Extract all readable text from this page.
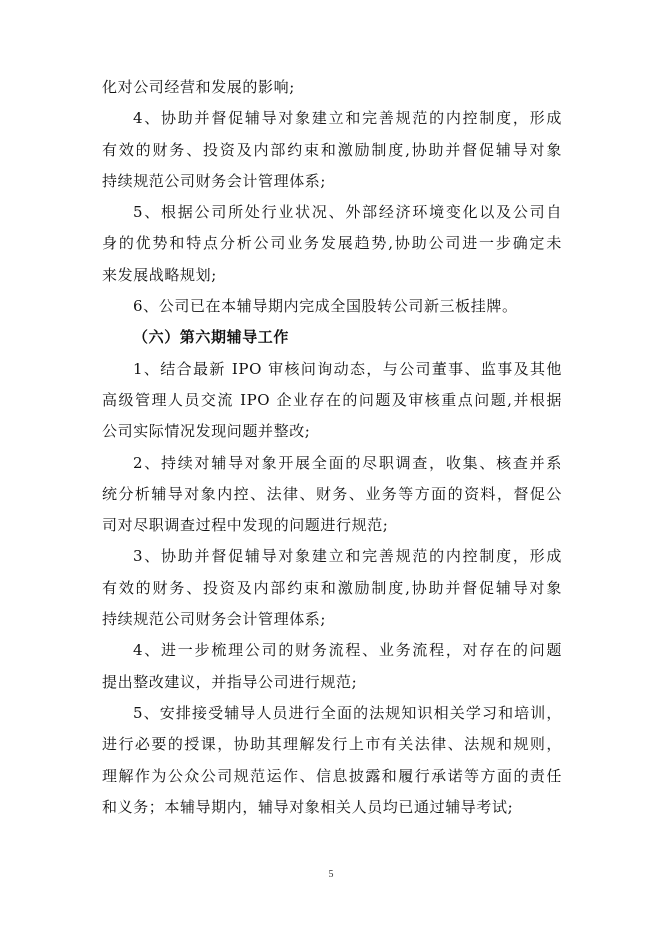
化对公司经营和发展的影响;

4、协助并督促辅导对象建立和完善规范的内控制度，形成
有效的财务、投资及内部约束和激励制度,协助并督促辅导对象
持续规范公司财务会计管理体系;

5、根据公司所处行业状况、外部经济环境变化以及公司自
身的优势和特点分析公司业务发展趋势,协助公司进一步确定未
来发展战略规划;

6、公司已在本辅导期内完成全国股转公司新三板挂牌。

（六）第六期辅导工作

1、结合最新 IPO 审核问询动态，与公司董事、监事及其他
高级管理人员交流 IPO 企业存在的问题及审核重点问题,并根据
公司实际情况发现问题并整改;

2、持续对辅导对象开展全面的尽职调查，收集、核查并系
统分析辅导对象内控、法律、财务、业务等方面的资料，督促公
司对尽职调查过程中发现的问题进行规范;

3、协助并督促辅导对象建立和完善规范的内控制度，形成
有效的财务、投资及内部约束和激励制度,协助并督促辅导对象
持续规范公司财务会计管理体系;

4、进一步梳理公司的财务流程、业务流程，对存在的问题
提出整改建议，并指导公司进行规范;

5、安排接受辅导人员进行全面的法规知识相关学习和培训，
进行必要的授课，协助其理解发行上市有关法律、法规和规则，
理解作为公众公司规范运作、信息披露和履行承诺等方面的责任
和义务；本辅导期内，辅导对象相关人员均已通过辅导考试;

5
